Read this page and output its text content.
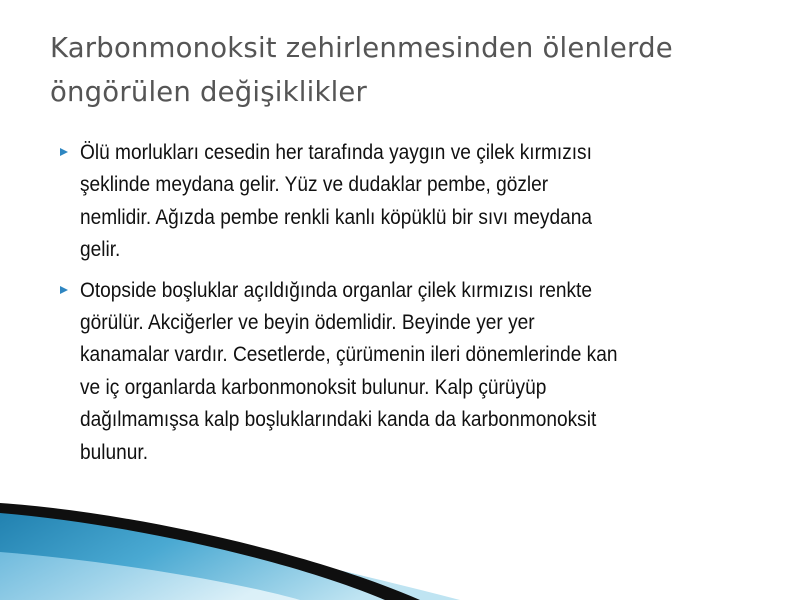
Karbonmonoksit zehirlenmesinden ölenlerde
öngörülen değişiklikler
Ölü morlukları cesedin her tarafında yaygın ve çilek kırmızısı
şeklinde meydana gelir. Yüz ve dudaklar pembe, gözler
nemlidir. Ağızda pembe renkli kanlı köpüklü bir sıvı meydana
gelir.
Otopside boşluklar açıldığında organlar çilek kırmızısı renkte
görülür. Akciğerler ve beyin ödemlidir. Beyinde yer yer
kanamalar vardır. Cesetlerde, çürümenin ileri dönemlerinde kan
ve iç organlarda karbonmonoksit bulunur. Kalp çürüyüp
dağılmamışsa kalp boşluklarındaki kanda da karbonmonoksit
bulunur.
